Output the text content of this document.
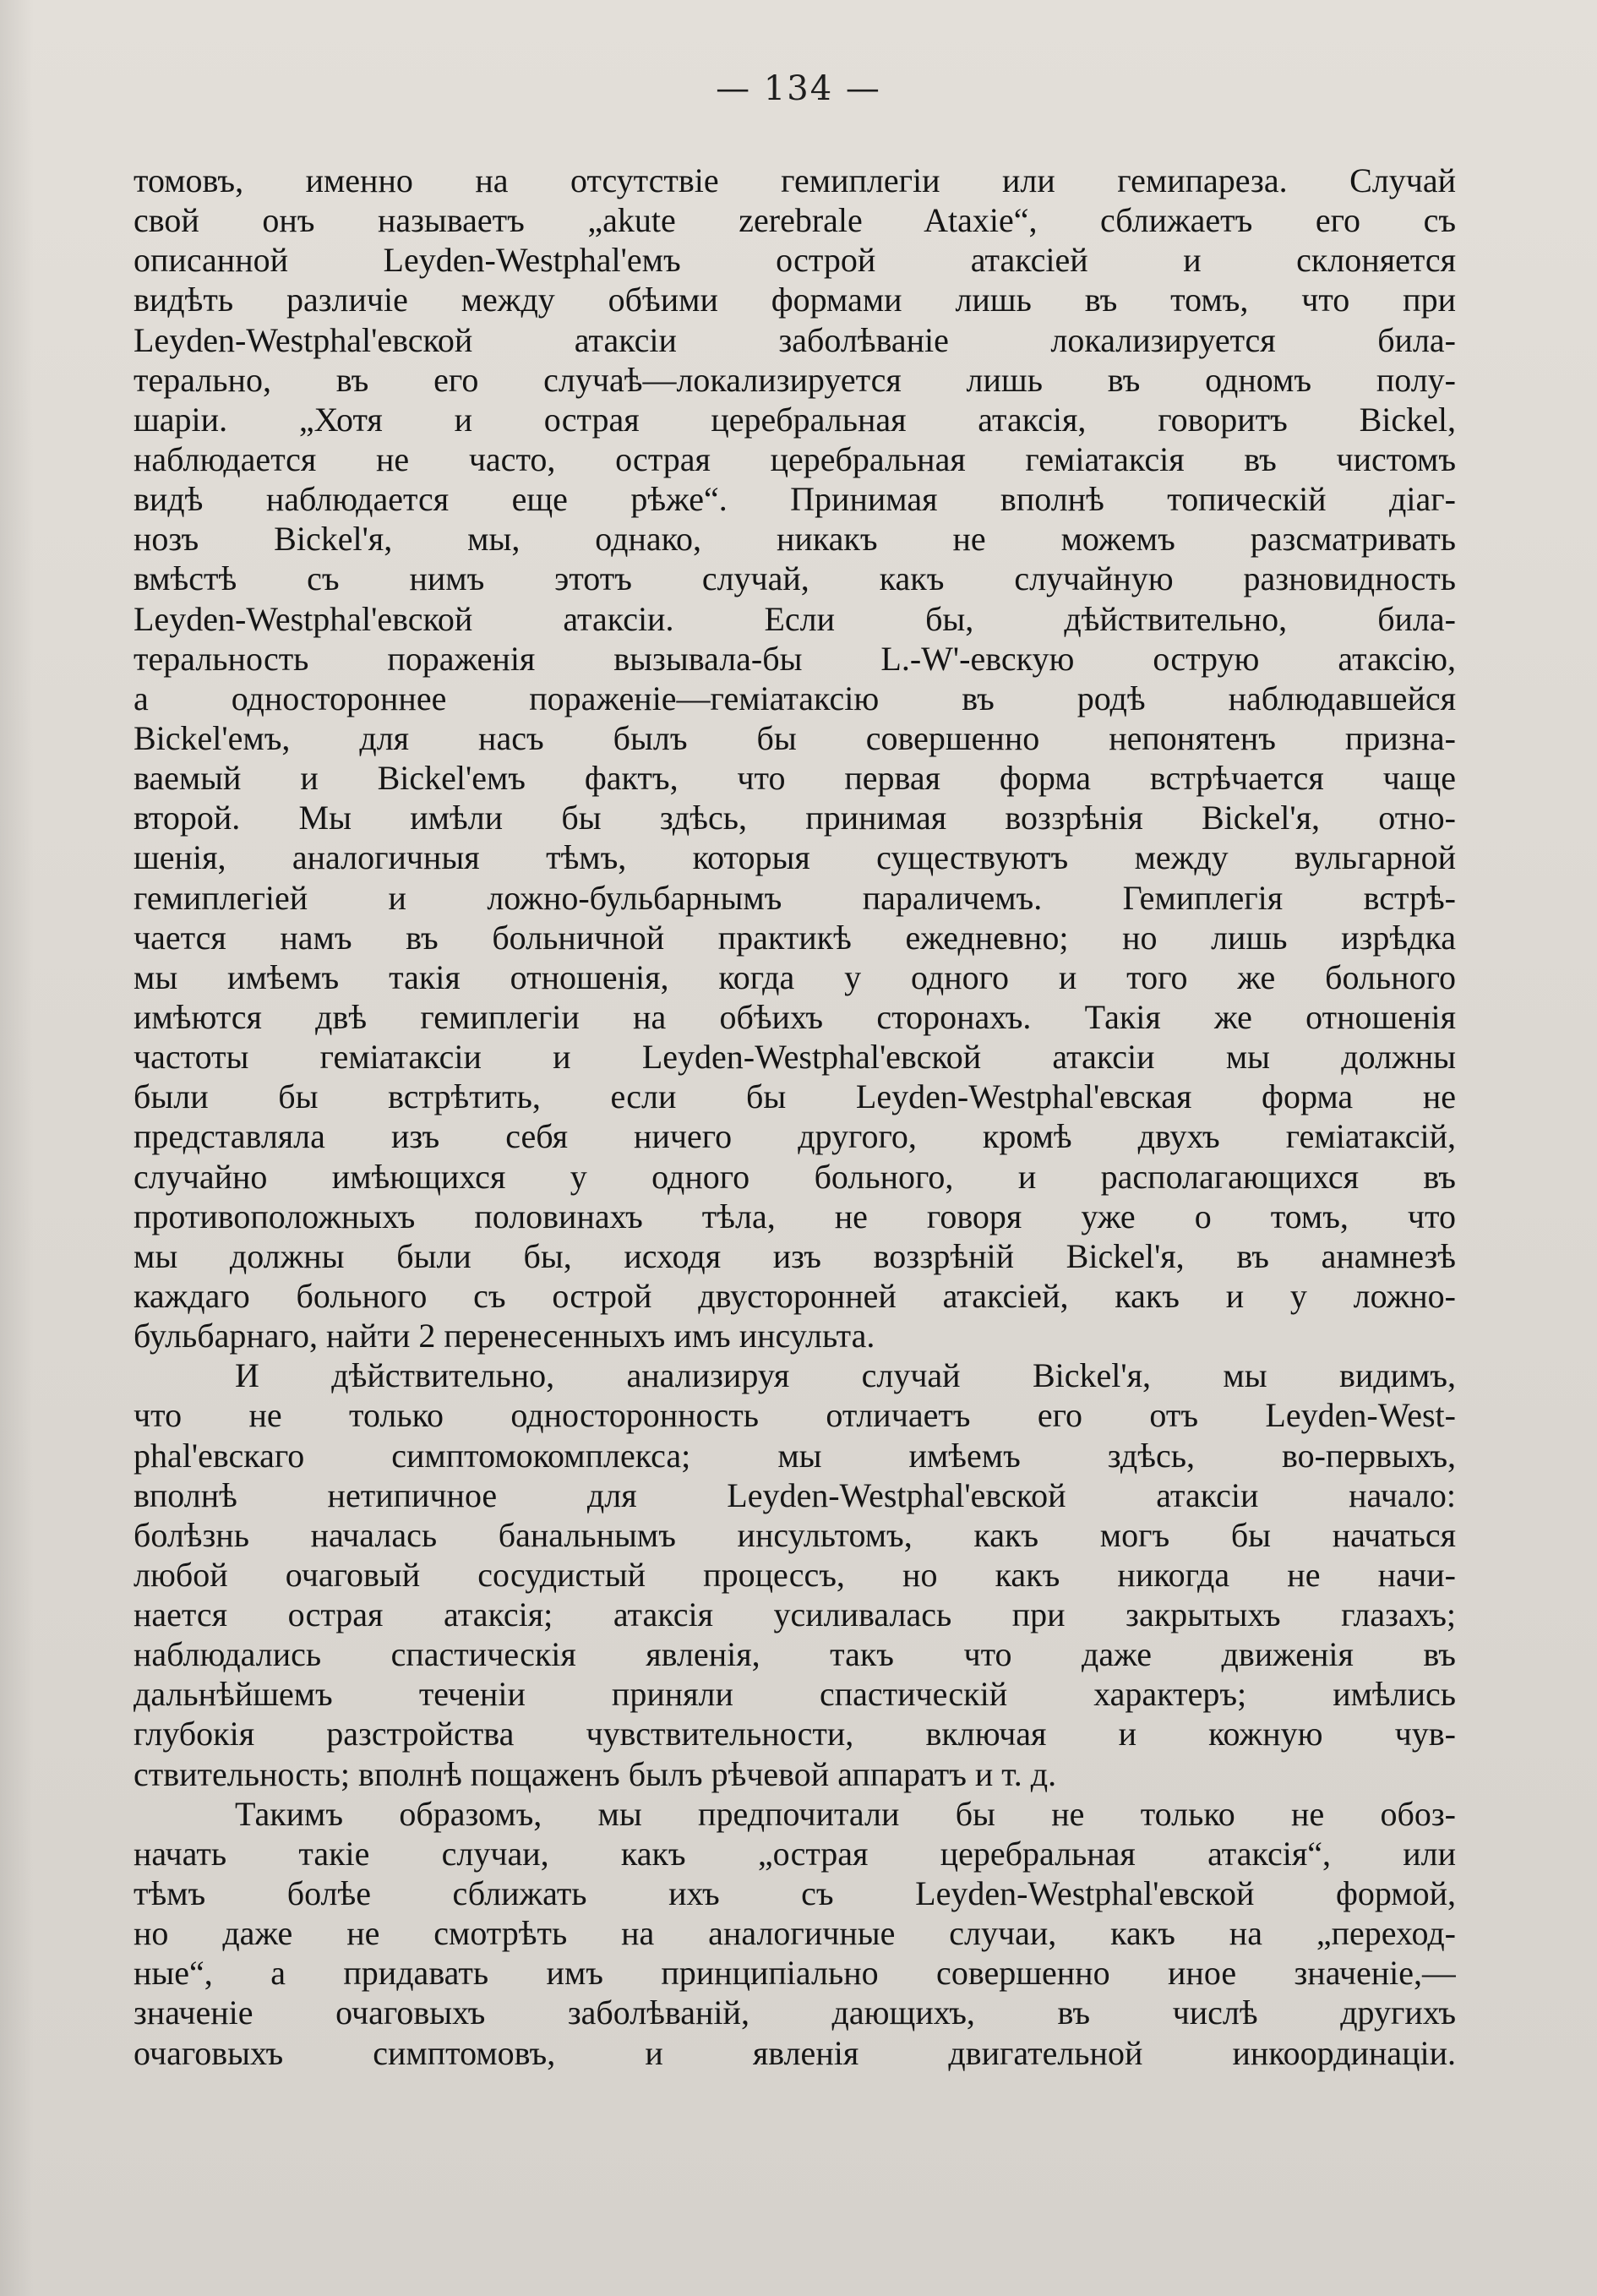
— 134 —
томовъ, именно на отсутствіе гемиплегіи или гемипареза. Случай
свой онъ называетъ „akute zerebrale Ataxie“, сближаетъ его съ
описанной Leyden-Westphal'емъ острой атаксіей и склоняется
видѣть различіе между обѣими формами лишь въ томъ, что при
Leyden-Westphal'евской атаксіи заболѣваніе локализируется била-
терально, въ его случаѣ—локализируется лишь въ одномъ полу-
шаріи. „Хотя и острая церебральная атаксія, говоритъ Bickel,
наблюдается не часто, острая церебральная геміатаксія въ чистомъ
видѣ наблюдается еще рѣже“. Принимая вполнѣ топическій діаг-
нозъ Bickel'я, мы, однако, никакъ не можемъ разсматривать
вмѣстѣ съ нимъ этотъ случай, какъ случайную разновидность
Leyden-Westphal'евской атаксіи. Если бы, дѣйствительно, била-
теральность пораженія вызывала-бы L.-W'-евскую острую атаксію,
а одностороннее пораженіе—геміатаксію въ родѣ наблюдавшейся
Bickel'емъ, для насъ былъ бы совершенно непонятенъ призна-
ваемый и Bickel'емъ фактъ, что первая форма встрѣчается чаще
второй. Мы имѣли бы здѣсь, принимая воззрѣнія Bickel'я, отно-
шенія, аналогичныя тѣмъ, которыя существуютъ между вульгарной
гемиплегіей и ложно-бульбарнымъ параличемъ. Гемиплегія встрѣ-
чается намъ въ больничной практикѣ ежедневно; но лишь изрѣдка
мы имѣемъ такія отношенія, когда у одного и того же больного
имѣются двѣ гемиплегіи на обѣихъ сторонахъ. Такія же отношенія
частоты геміатаксіи и Leyden-Westphal'евской атаксіи мы должны
были бы встрѣтить, если бы Leyden-Westphal'евская форма не
представляла изъ себя ничего другого, кромѣ двухъ геміатаксій,
случайно имѣющихся у одного больного, и располагающихся въ
противоположныхъ половинахъ тѣла, не говоря уже о томъ, что
мы должны были бы, исходя изъ воззрѣній Bickel'я, въ анамнезѣ
каждаго больного съ острой двусторонней атаксіей, какъ и у ложно-
бульбарнаго, найти 2 перенесенныхъ имъ инсульта.
И дѣйствительно, анализируя случай Bickel'я, мы видимъ,
что не только односторонность отличаетъ его отъ Leyden-West-
phal'евскаго симптомокомплекса; мы имѣемъ здѣсь, во-первыхъ,
вполнѣ нетипичное для Leyden-Westphal'евской атаксіи начало:
болѣзнь началась банальнымъ инсультомъ, какъ могъ бы начаться
любой очаговый сосудистый процессъ, но какъ никогда не начи-
нается острая атаксія; атаксія усиливалась при закрытыхъ глазахъ;
наблюдались спастическія явленія, такъ что даже движенія въ
дальнѣйшемъ теченіи приняли спастическій характеръ; имѣлись
глубокія разстройства чувствительности, включая и кожную чув-
ствительность; вполнѣ пощаженъ былъ рѣчевой аппаратъ и т. д.
Такимъ образомъ, мы предпочитали бы не только не обоз-
начать такіе случаи, какъ „острая церебральная атаксія“, или
тѣмъ болѣе сближать ихъ съ Leyden-Westphal'евской формой,
но даже не смотрѣть на аналогичные случаи, какъ на „переход-
ные“, а придавать имъ принципіально совершенно иное значеніе,—
значеніе очаговыхъ заболѣваній, дающихъ, въ числѣ другихъ
очаговыхъ симптомовъ, и явленія двигательной инкоординаціи.
